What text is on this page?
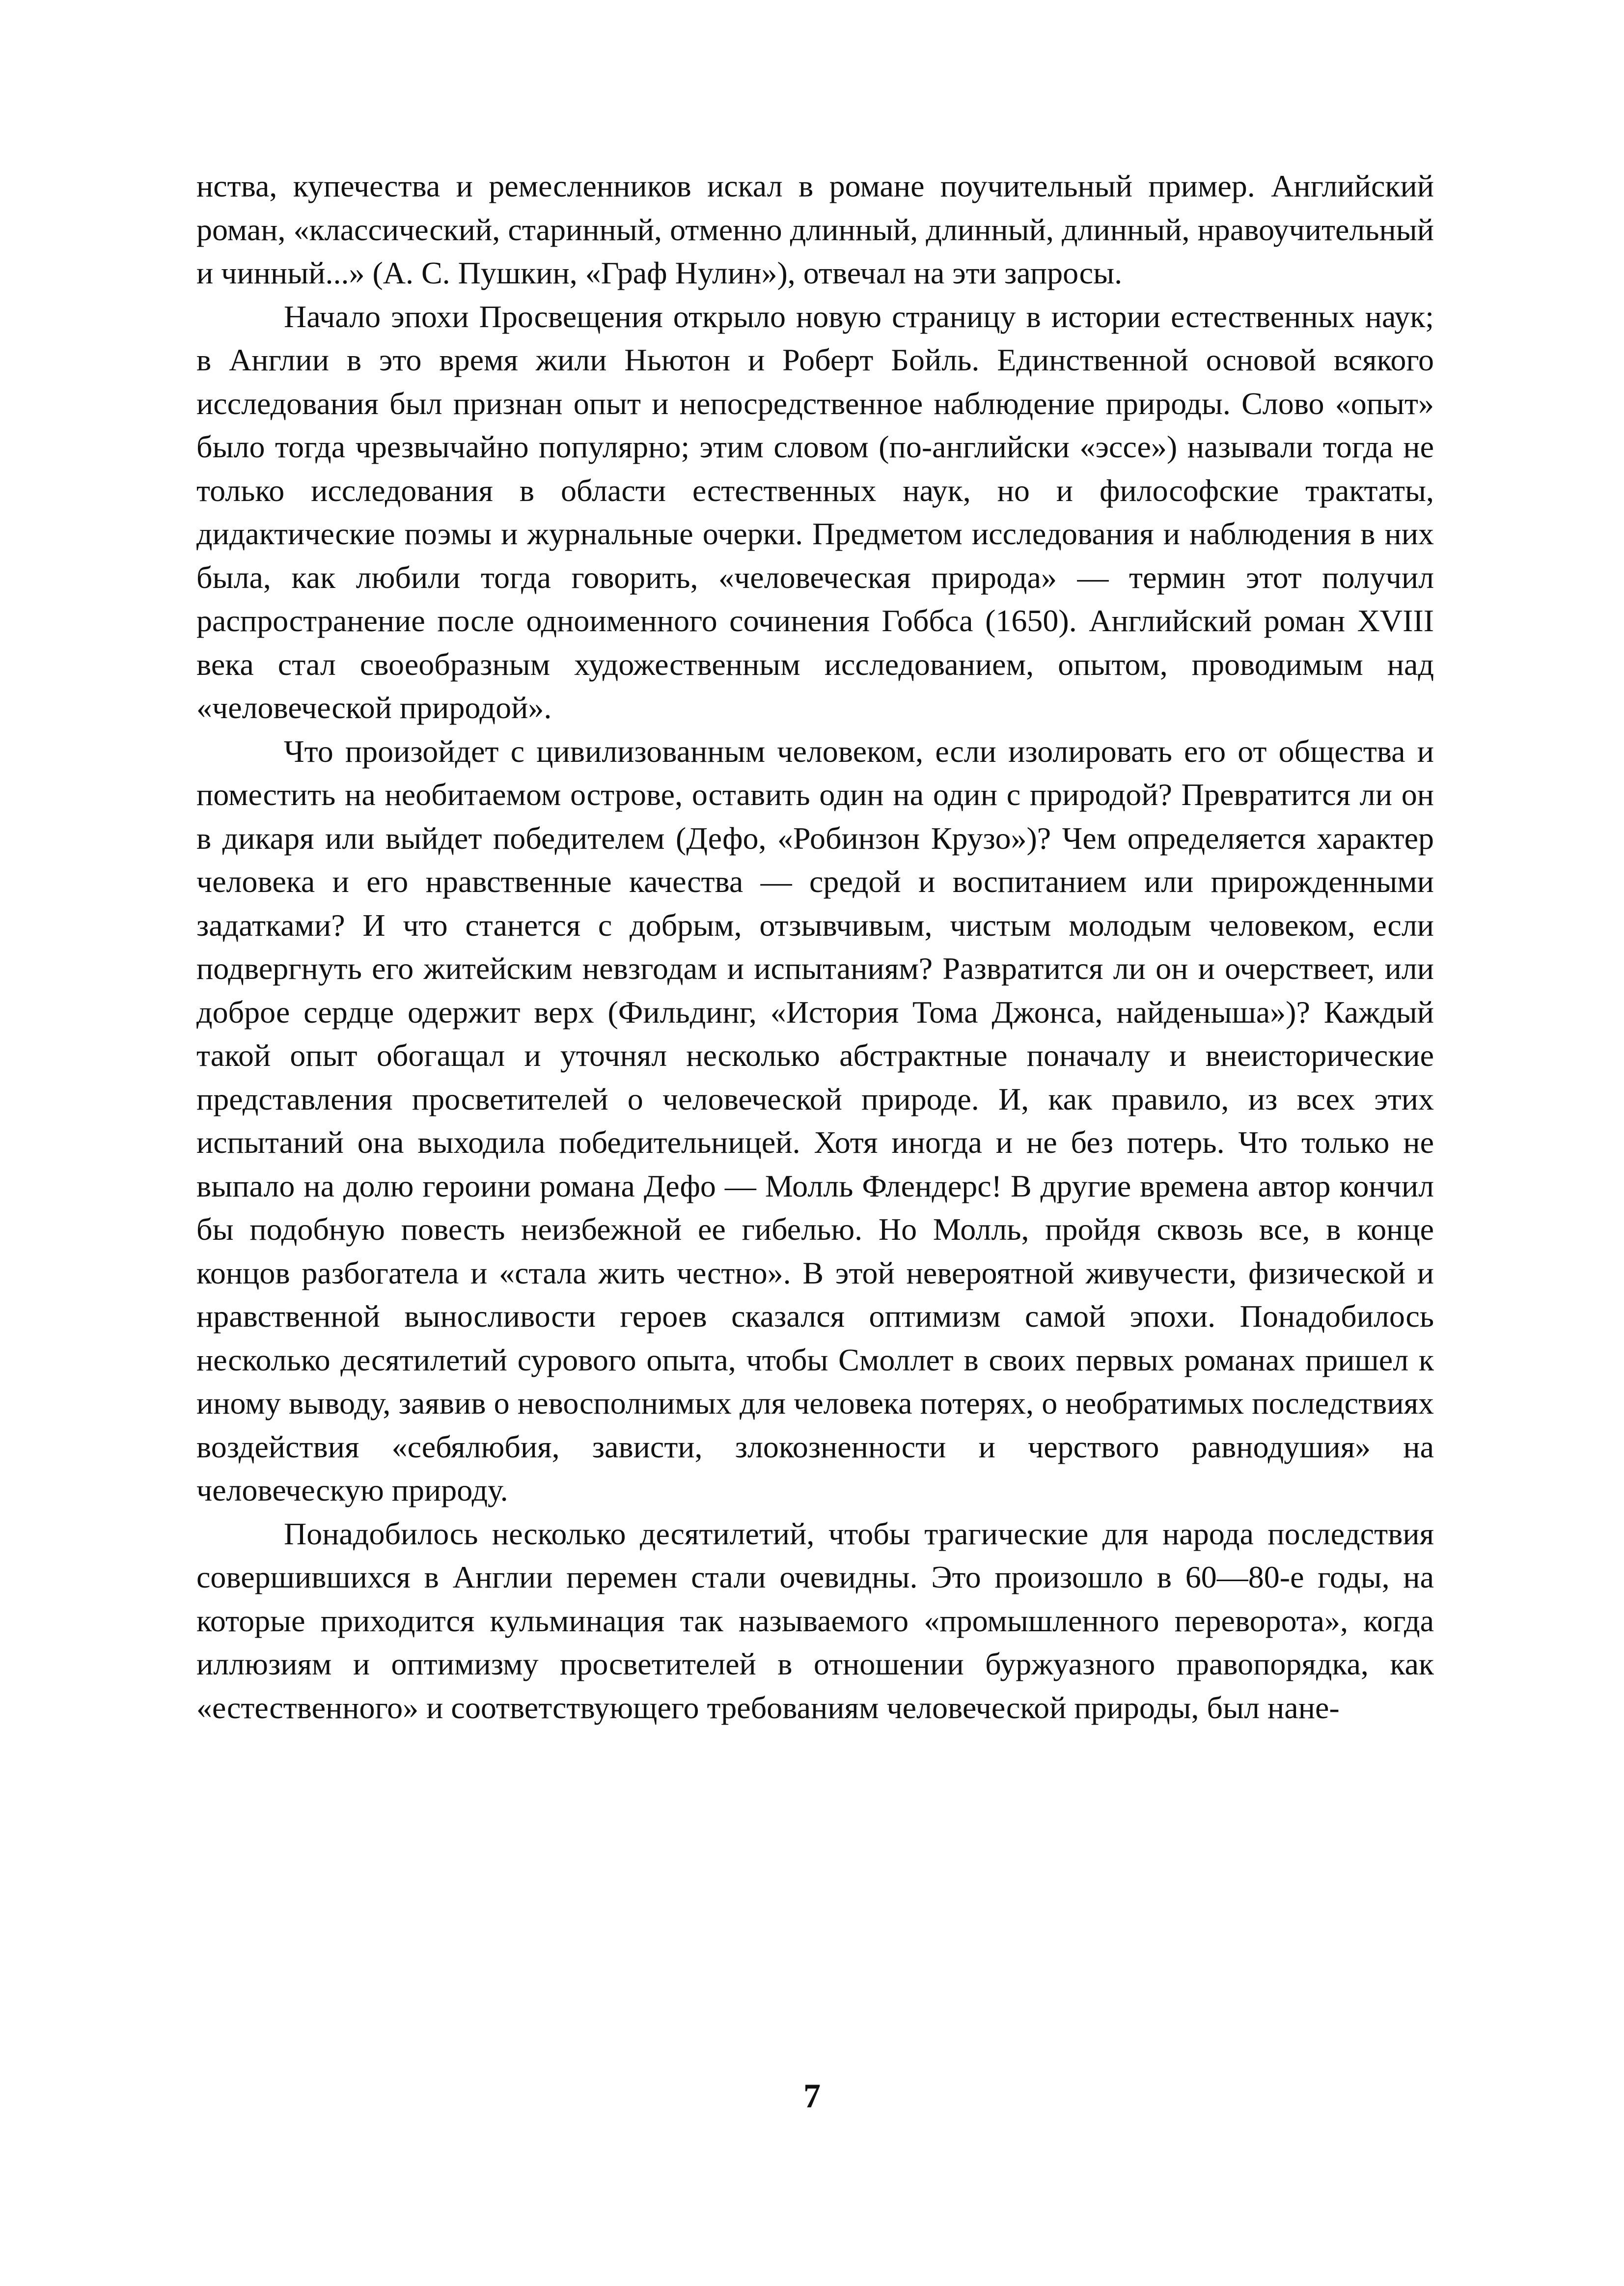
нства, купечества и ремесленников искал в романе поучительный пример. Английский роман, «классический, старинный, отменно длинный, длинный, длинный, нравоучительный и чинный...» (А. С. Пушкин, «Граф Нулин»), отвечал на эти запросы.

Начало эпохи Просвещения открыло новую страницу в истории естественных наук; в Англии в это время жили Ньютон и Роберт Бойль. Единственной основой всякого исследования был признан опыт и непосредственное наблюдение природы. Слово «опыт» было тогда чрезвычайно популярно; этим словом (по-английски «эссе») называли тогда не только исследования в области естественных наук, но и философские трактаты, дидактические поэмы и журнальные очерки. Предметом исследования и наблюдения в них была, как любили тогда говорить, «человеческая природа» — термин этот получил распространение после одноименного сочинения Гоббса (1650). Английский роман XVIII века стал своеобразным художественным исследованием, опытом, проводимым над «человеческой природой».

Что произойдет с цивилизованным человеком, если изолировать его от общества и поместить на необитаемом острове, оставить один на один с природой? Превратится ли он в дикаря или выйдет победителем (Дефо, «Робинзон Крузо»)? Чем определяется характер человека и его нравственные качества — средой и воспитанием или прирожденными задатками? И что станется с добрым, отзывчивым, чистым молодым человеком, если подвергнуть его житейским невзгодам и испытаниям? Развратится ли он и очерствеет, или доброе сердце одержит верх (Фильдинг, «История Тома Джонса, найденыша»)? Каждый такой опыт обогащал и уточнял несколько абстрактные поначалу и внеисторические представления просветителей о человеческой природе. И, как правило, из всех этих испытаний она выходила победительницей. Хотя иногда и не без потерь. Что только не выпало на долю героини романа Дефо — Молль Флендерс! В другие времена автор кончил бы подобную повесть неизбежной ее гибелью. Но Молль, пройдя сквозь все, в конце концов разбогатела и «стала жить честно». В этой невероятной живучести, физической и нравственной выносливости героев сказался оптимизм самой эпохи. Понадобилось несколько десятилетий сурового опыта, чтобы Смоллет в своих первых романах пришел к иному выводу, заявив о невосполнимых для человека потерях, о необратимых последствиях воздействия «себялюбия, зависти, злокозненности и черствого равнодушия» на человеческую природу.

Понадобилось несколько десятилетий, чтобы трагические для народа последствия совершившихся в Англии перемен стали очевидны. Это произошло в 60—80-е годы, на которые приходится кульминация так называемого «промышленного переворота», когда иллюзиям и оптимизму просветителей в отношении буржуазного правопорядка, как «естественного» и соответствующего требованиям человеческой природы, был нане-

7
